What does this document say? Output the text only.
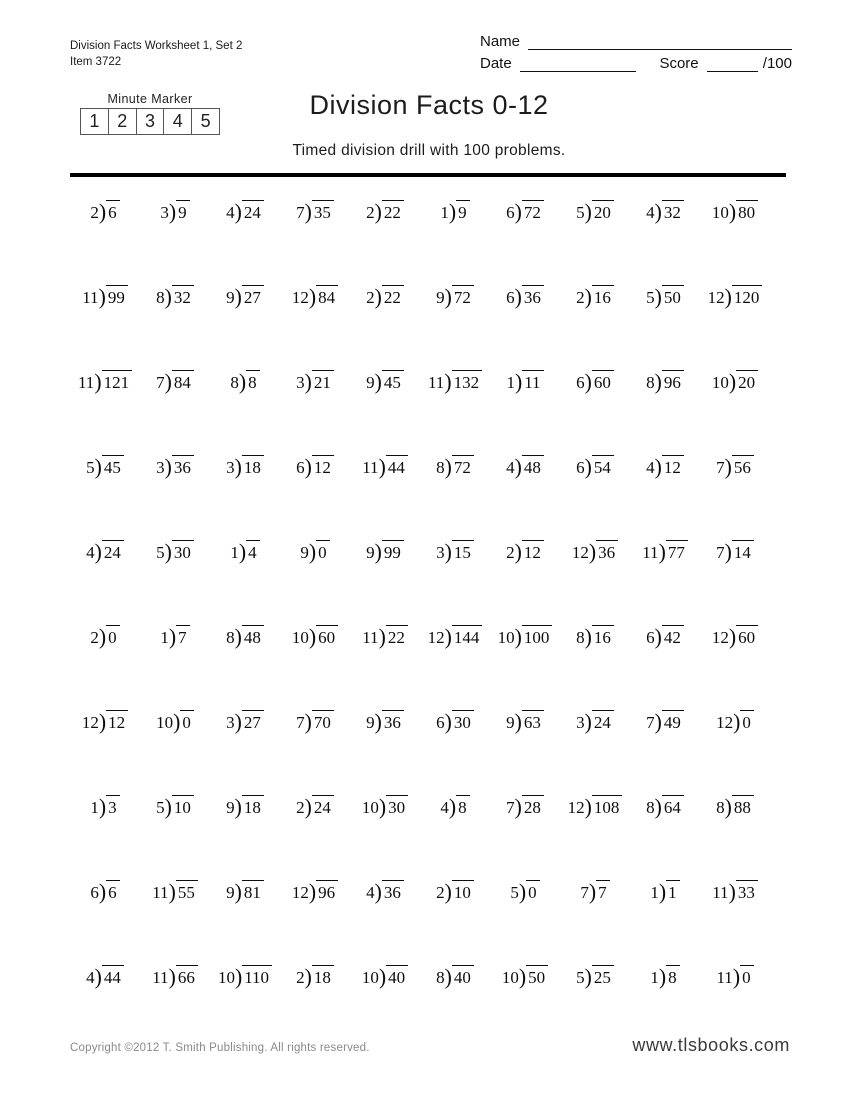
Division Facts Worksheet 1, Set 2
Item 3722
Name
Date	Score	/100
Minute Marker
1 2 3 4 5
Division Facts 0-12
Timed division drill with 100 problems.
2) 6	3) 9 4) 24 7) 35 2) 22 1) 9 6) 72 5) 20 4) 32 10) 80
11) 99 8) 32 9) 27 12) 84 2) 22 9) 72 6) 36 2) 16 5) 50 12) 120
11) 121 7) 84 8) 8 3) 21 9) 45 11) 132 1) 11 6) 60 8) 96 10) 20
5) 45 3) 36 3) 18 6) 12 11) 44 8) 72 4) 48 6) 54 4) 12 7) 56
4) 24 5) 30 1) 4	9) 0 9) 99 3) 15 2) 12 12) 36 11) 77 7) 14
2) 0	1) 7 8) 48 10) 60 11) 22 12) 144 10) 100 8) 16 6) 42 12) 60
12) 12 10) 0 3) 27 7) 70 9) 36 6) 30 9) 63 3) 24 7) 49 12) 0
1) 3 5) 10 9) 18 2) 24 10) 30 4) 8 7) 28 12) 108 8) 64 8) 88
6) 6 11) 55 9) 81 12) 96 4) 36 2) 10 5) 0	7) 7	1) 1 11) 33
4) 44 11) 66 10) 110 2) 18 10) 40 8) 40 10) 50 5) 25 1) 8 11) 0
Copyright ©2012 T. Smith Publishing. All rights reserved.	www.tlsbooks.com
